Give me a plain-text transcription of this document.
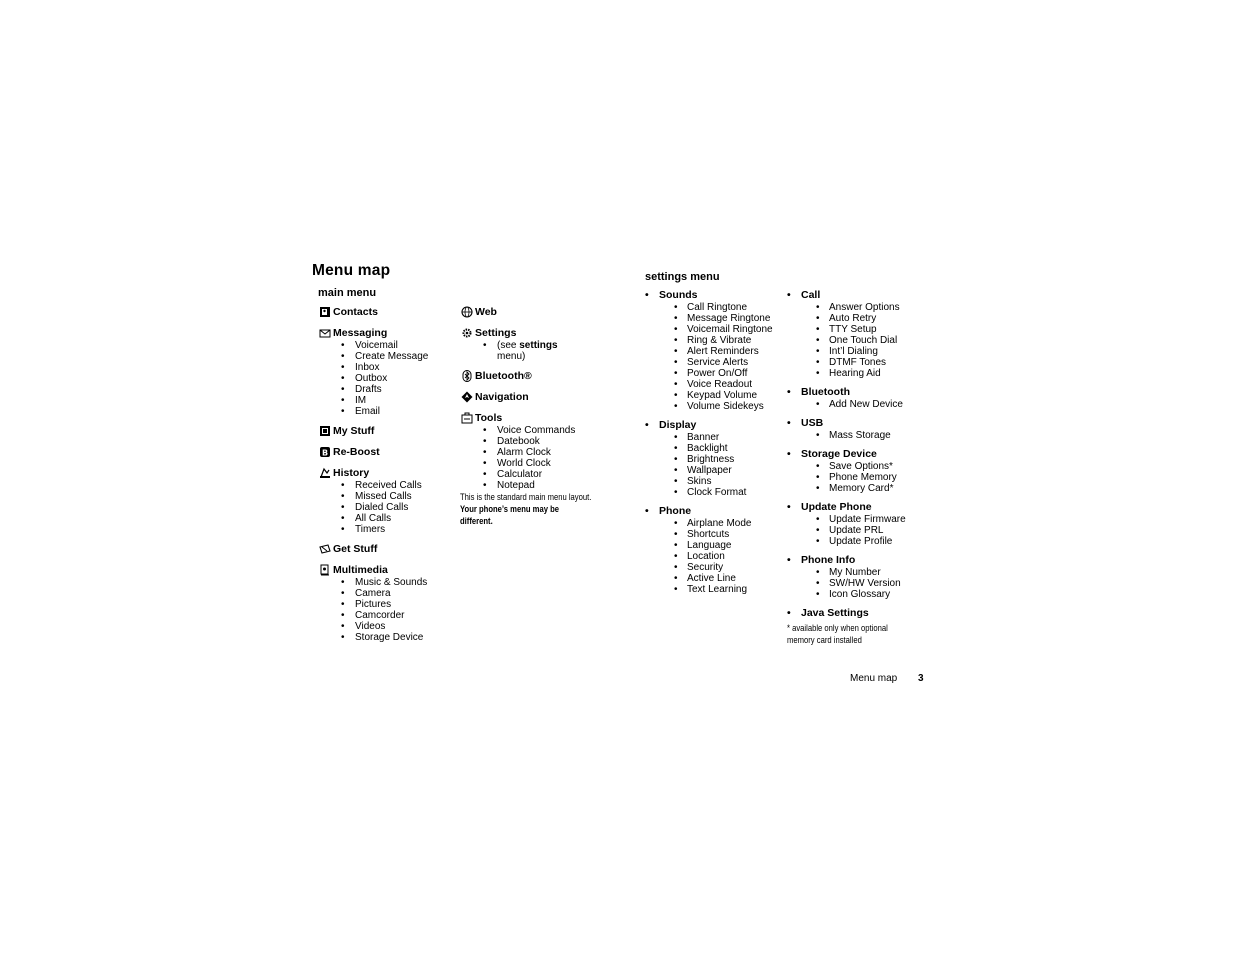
Menu map
main menu
settings menu
Contacts
Messaging
• Voicemail
• Create Message
• Inbox
• Outbox
• Drafts
• IM
• Email
My Stuff
B Re-Boost
History
• Received Calls
• Missed Calls
• Dialed Calls
• All Calls
• Timers
Get Stuff
Multimedia
• Music & Sounds
• Camera
• Pictures
• Camcorder
• Videos
• Storage Device
Web
Settings
• (see settings
menu)
Bluetooth®
Navigation
Tools
• Voice Commands
• Datebook
• Alarm Clock
• World Clock
• Calculator
• Notepad
This is the standard main menu layout.
Your phone’s menu may be
different.
• Sounds
• Call Ringtone
• Message Ringtone
• Voicemail Ringtone
• Ring & Vibrate
• Alert Reminders
• Service Alerts
• Power On/Off
• Voice Readout
• Keypad Volume
• Volume Sidekeys
• Display
• Banner
• Backlight
• Brightness
• Wallpaper
• Skins
• Clock Format
• Phone
• Airplane Mode
• Shortcuts
• Language
• Location
• Security
• Active Line
• Text Learning
• Call
• Answer Options
• Auto Retry
• TTY Setup
• One Touch Dial
• Int’l Dialing
• DTMF Tones
• Hearing Aid
• Bluetooth
• Add New Device
• USB
• Mass Storage
• Storage Device
• Save Options*
• Phone Memory
• Memory Card*
• Update Phone
• Update Firmware
• Update PRL
• Update Profile
• Phone Info
• My Number
• SW/HW Version
• Icon Glossary
• Java Settings
* available only when optional
memory card installed
Menu map 3
